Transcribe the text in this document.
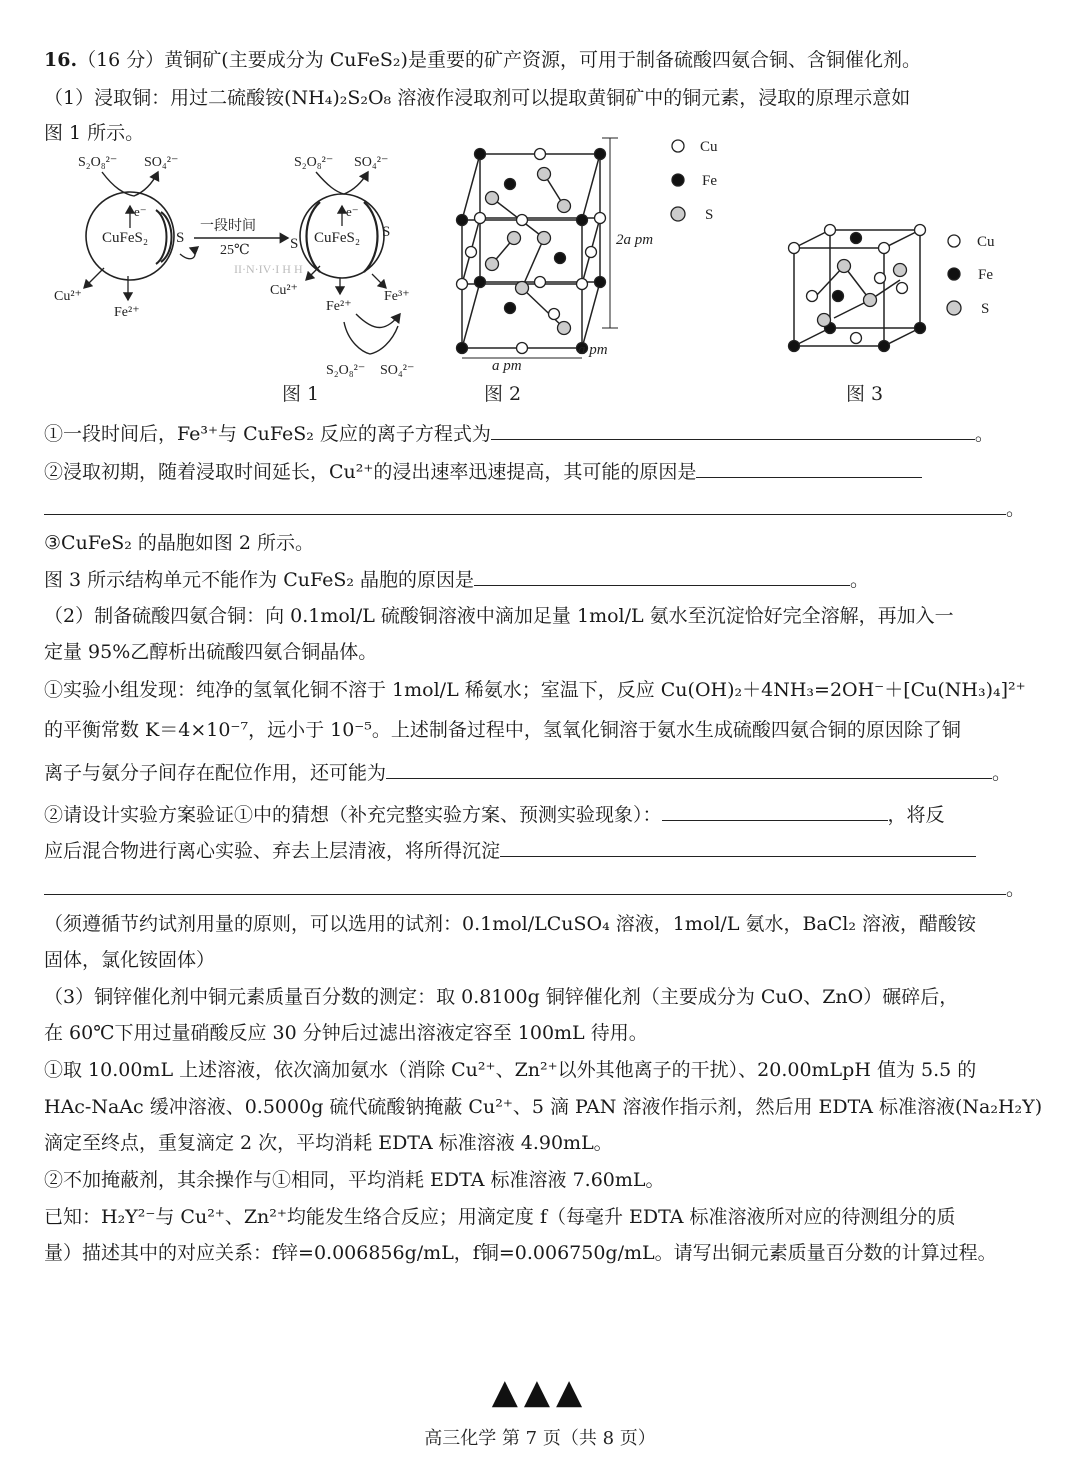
16.（16 分）黄铜矿(主要成分为 CuFeS₂)是重要的矿产资源，可用于制备硫酸四氨合铜、含铜催化剂。
（1）浸取铜：用过二硫酸铵(NH₄)₂S₂O₈ 溶液作浸取剂可以提取黄铜矿中的铜元素，浸取的原理示意如
图 1 所示。
S₂O₈²⁻ SO₄²⁻
e⁻
CuFeS₂ S
Cu²⁺
Fe²⁺
一段时间
25℃
II·N·IV·I H H
S₂O₈²⁻ SO₄²⁻
e⁻
CuFeS₂
S
S
Cu²⁺
Fe²⁺
Fe³⁺
S₂O₈²⁻ SO₄²⁻
图 1
2a pm
a pm
a pm
图 2
Cu
Fe
S
图 3
Cu
Fe
S
①一段时间后，Fe³⁺与 CuFeS₂ 反应的离子方程式为	。
②浸取初期，随着浸取时间延长，Cu²⁺的浸出速率迅速提高，其可能的原因是
。
③CuFeS₂ 的晶胞如图 2 所示。
图 3 所示结构单元不能作为 CuFeS₂ 晶胞的原因是	。
（2）制备硫酸四氨合铜：向 0.1mol/L 硫酸铜溶液中滴加足量 1mol/L 氨水至沉淀恰好完全溶解，再加入一
定量 95%乙醇析出硫酸四氨合铜晶体。
①实验小组发现：纯净的氢氧化铜不溶于 1mol/L 稀氨水；室温下，反应 Cu(OH)₂＋4NH₃=2OH⁻＋[Cu(NH₃)₄]²⁺
的平衡常数 K＝4×10⁻⁷，远小于 10⁻⁵。上述制备过程中，氢氧化铜溶于氨水生成硫酸四氨合铜的原因除了铜
离子与氨分子间存在配位作用，还可能为	。
②请设计实验方案验证①中的猜想（补充完整实验方案、预测实验现象）：	，将反
应后混合物进行离心实验、弃去上层清液，将所得沉淀
。
（须遵循节约试剂用量的原则，可以选用的试剂：0.1mol/LCuSO₄ 溶液，1mol/L 氨水，BaCl₂ 溶液，醋酸铵
固体，氯化铵固体）
（3）铜锌催化剂中铜元素质量百分数的测定：取 0.8100g 铜锌催化剂（主要成分为 CuO、ZnO）碾碎后，
在 60℃下用过量硝酸反应 30 分钟后过滤出溶液定容至 100mL 待用。
①取 10.00mL 上述溶液，依次滴加氨水（消除 Cu²⁺、Zn²⁺以外其他离子的干扰）、20.00mLpH 值为 5.5 的
HAc-NaAc 缓冲溶液、0.5000g 硫代硫酸钠掩蔽 Cu²⁺、5 滴 PAN 溶液作指示剂，然后用 EDTA 标准溶液(Na₂H₂Y)
滴定至终点，重复滴定 2 次，平均消耗 EDTA 标准溶液 4.90mL。
②不加掩蔽剂，其余操作与①相同，平均消耗 EDTA 标准溶液 7.60mL。
已知：H₂Y²⁻与 Cu²⁺、Zn²⁺均能发生络合反应；用滴定度 f（每毫升 EDTA 标准溶液所对应的待测组分的质
量）描述其中的对应关系：f锌=0.006856g/mL，f铜=0.006750g/mL。请写出铜元素质量百分数的计算过程。
▲▲▲
高三化学 第 7 页（共 8 页）
